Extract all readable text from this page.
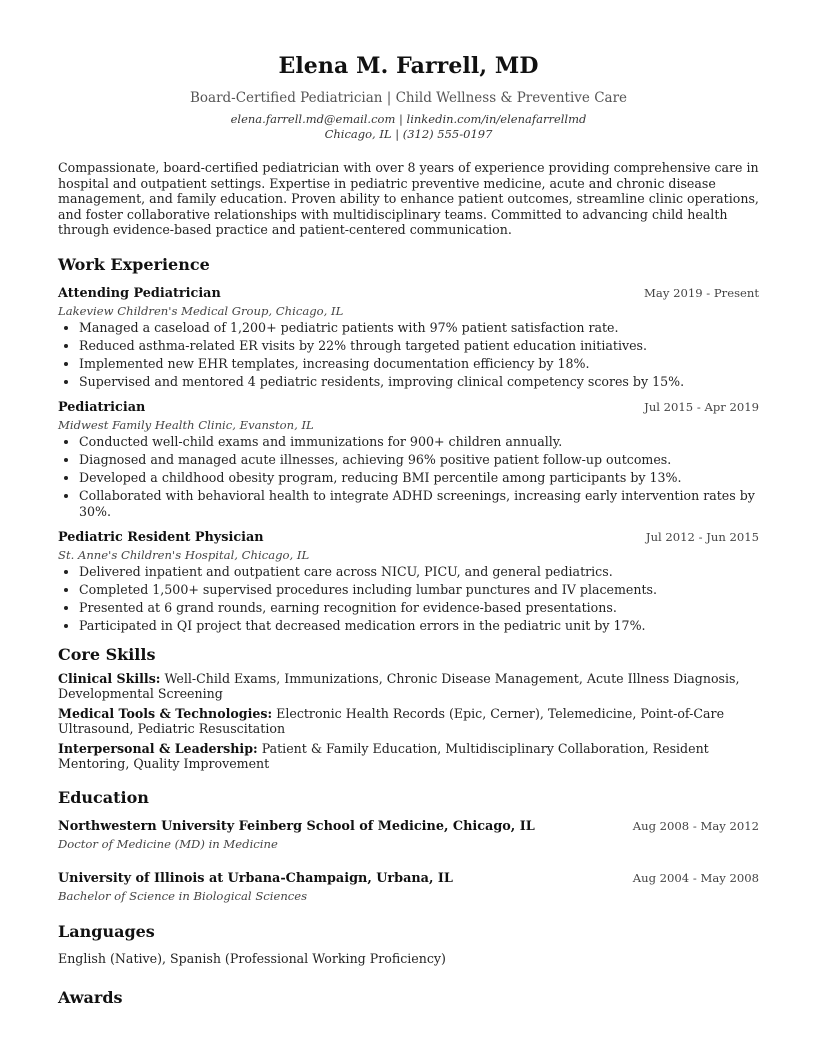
Elena M. Farrell, MD
Board-Certified Pediatrician | Child Wellness & Preventive Care
elena.farrell.md@email.com | linkedin.com/in/elenafarrellmd
Chicago, IL | (312) 555-0197
Compassionate, board-certified pediatrician with over 8 years of experience providing comprehensive care in hospital and outpatient settings. Expertise in pediatric preventive medicine, acute and chronic disease management, and family education. Proven ability to enhance patient outcomes, streamline clinic operations, and foster collaborative relationships with multidisciplinary teams. Committed to advancing child health through evidence-based practice and patient-centered communication.
Work Experience
Attending Pediatrician	May 2019 - Present
Lakeview Children's Medical Group, Chicago, IL
• Managed a caseload of 1,200+ pediatric patients with 97% patient satisfaction rate.
• Reduced asthma-related ER visits by 22% through targeted patient education initiatives.
• Implemented new EHR templates, increasing documentation efficiency by 18%.
• Supervised and mentored 4 pediatric residents, improving clinical competency scores by 15%.
Pediatrician	Jul 2015 - Apr 2019
Midwest Family Health Clinic, Evanston, IL
• Conducted well-child exams and immunizations for 900+ children annually.
• Diagnosed and managed acute illnesses, achieving 96% positive patient follow-up outcomes.
• Developed a childhood obesity program, reducing BMI percentile among participants by 13%.
• Collaborated with behavioral health to integrate ADHD screenings, increasing early intervention rates by 30%.
Pediatric Resident Physician	Jul 2012 - Jun 2015
St. Anne's Children's Hospital, Chicago, IL
• Delivered inpatient and outpatient care across NICU, PICU, and general pediatrics.
• Completed 1,500+ supervised procedures including lumbar punctures and IV placements.
• Presented at 6 grand rounds, earning recognition for evidence-based presentations.
• Participated in QI project that decreased medication errors in the pediatric unit by 17%.
Core Skills
Clinical Skills: Well-Child Exams, Immunizations, Chronic Disease Management, Acute Illness Diagnosis, Developmental Screening
Medical Tools & Technologies: Electronic Health Records (Epic, Cerner), Telemedicine, Point-of-Care Ultrasound, Pediatric Resuscitation
Interpersonal & Leadership: Patient & Family Education, Multidisciplinary Collaboration, Resident Mentoring, Quality Improvement
Education
Northwestern University Feinberg School of Medicine, Chicago, IL	Aug 2008 - May 2012
Doctor of Medicine (MD) in Medicine
University of Illinois at Urbana-Champaign, Urbana, IL	Aug 2004 - May 2008
Bachelor of Science in Biological Sciences
Languages
English (Native), Spanish (Professional Working Proficiency)
Awards
